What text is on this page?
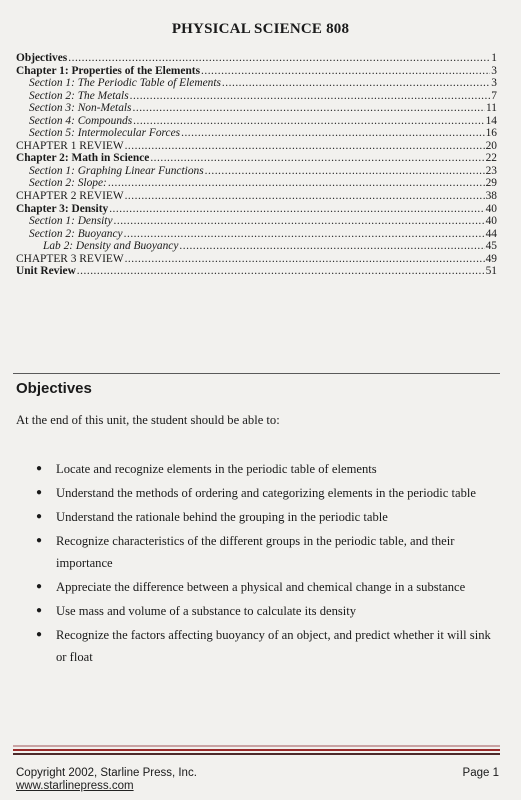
PHYSICAL SCIENCE 808
Objectives .....	1
Chapter 1: Properties of the Elements .....	3
Section 1: The Periodic Table of Elements .....	3
Section 2: The Metals .....	7
Section 3: Non-Metals .....	11
Section 4: Compounds .....	14
Section 5: Intermolecular Forces .....	16
CHAPTER 1 REVIEW .....	20
Chapter 2: Math in Science .....	22
Section 1: Graphing Linear Functions .....	23
Section 2: Slope: .....	29
CHAPTER 2 REVIEW .....	38
Chapter 3: Density .....	40
Section 1: Density .....	40
Section 2: Buoyancy .....	44
Lab 2: Density and Buoyancy .....	45
CHAPTER 3 REVIEW .....	49
Unit Review .....	51
Objectives
At the end of this unit, the student should be able to:
●	Locate and recognize elements in the periodic table of elements
●	Understand the methods of ordering and categorizing elements in the periodic table
●	Understand the rationale behind the grouping in the periodic table
●	Recognize characteristics of the different groups in the periodic table, and their importance
●	Appreciate the difference between a physical and chemical change in a substance
●	Use mass and volume of a substance to calculate its density
●	Recognize the factors affecting buoyancy of an object, and predict whether it will sink or float
Copyright 2002, Starline Press, Inc.
www.starlinepress.com
Page 1
